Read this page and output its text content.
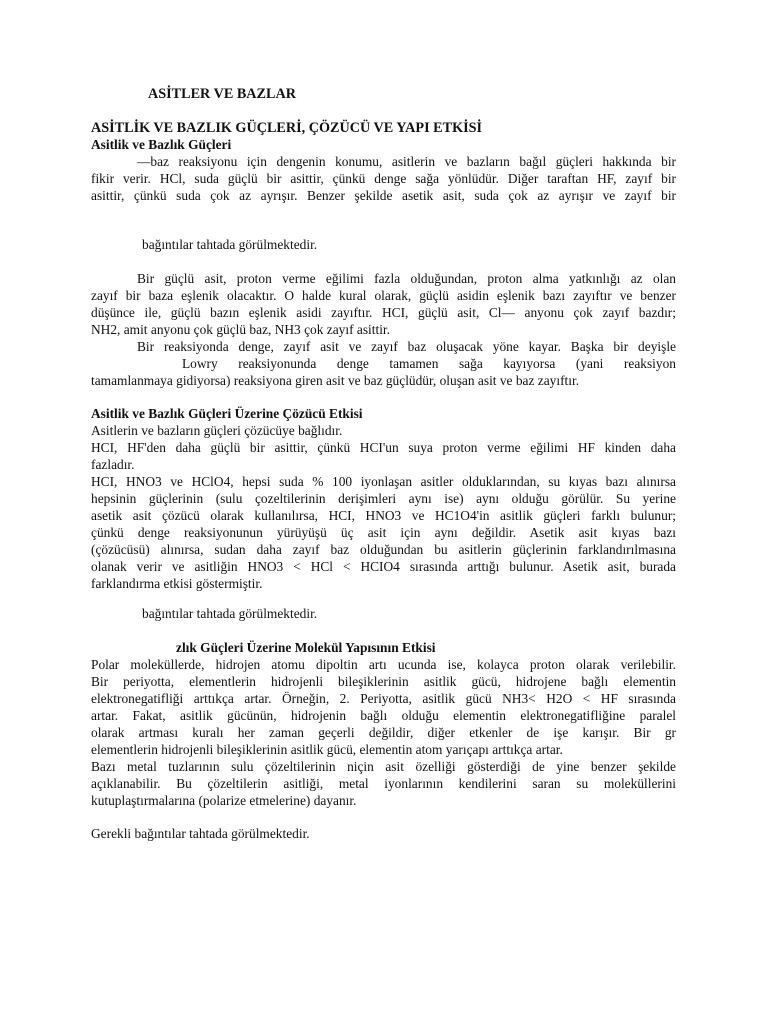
ASİTLER VE BAZLAR
ASİTLİK VE BAZLIK GÜÇLERİ, ÇÖZÜCÜ VE YAPI ETKİSİ
Asitlik ve Bazlık Güçleri
—baz reaksiyonu için dengenin konumu, asitlerin ve bazların bağıl güçleri hakkında bir
fikir verir. HCl, suda güçlü bir asittir, çünkü denge sağa yönlüdür. Diğer taraftan HF, zayıf bir
asittir, çünkü suda çok az ayrışır. Benzer şekilde asetik asit, suda çok az ayrışır ve zayıf bir
bağıntılar tahtada görülmektedir.
Bir güçlü asit, proton verme eğilimi fazla olduğundan, proton alma yatkınlığı az olan
zayıf bir baza eşlenik olacaktır. O halde kural olarak, güçlü asidin eşlenik bazı zayıftır ve benzer
düşünce ile, güçlü bazın eşlenik asidi zayıftır. HCI, güçlü asit, Cl— anyonu çok zayıf bazdır;
NH2, amit anyonu çok güçlü baz, NH3 çok zayıf asittir.
Bir reaksiyonda denge, zayıf asit ve zayıf baz oluşacak yöne kayar. Başka bir deyişle
Lowry reaksiyonunda denge tamamen sağa kayıyorsa (yani reaksiyon
tamamlanmaya gidiyorsa) reaksiyona giren asit ve baz güçlüdür, oluşan asit ve baz zayıftır.
Asitlik ve Bazlık Güçleri Üzerine Çözücü Etkisi
Asitlerin ve bazların güçleri çözücüye bağlıdır.
HCI, HF'den daha güçlü bir asittir, çünkü HCI'un suya proton verme eğilimi HF kinden daha
fazladır.
HCI, HNO3 ve HClO4, hepsi suda % 100 iyonlaşan asitler olduklarından, su kıyas bazı alınırsa
hepsinin güçlerinin (sulu çozeltilerinin derişimleri aynı ise) aynı olduğu görülür. Su yerine
asetik asit çözücü olarak kullanılırsa, HCI, HNO3 ve HC1O4'in asitlik güçleri farklı bulunur;
çünkü denge reaksiyonunun yürüyüşü üç asit için aynı değildir. Asetik asit kıyas bazı
(çözücüsü) alınırsa, sudan daha zayıf baz olduğundan bu asitlerin güçlerinin farklandırılmasına
olanak verir ve asitliğin HNO3 < HCl < HCIO4 sırasında arttığı bulunur. Asetik asit, burada
farklandırma etkisi göstermiştir.
bağıntılar tahtada görülmektedir.
zlık Güçleri Üzerine Molekül Yapısının Etkisi
Polar moleküllerde, hidrojen atomu dipoltin artı ucunda ise, kolayca proton olarak verilebilir.
Bir periyotta, elementlerin hidrojenli bileşiklerinin asitlik gücü, hidrojene bağlı elementin
elektronegatifliği arttıkça artar. Örneğin, 2. Periyotta, asitlik gücü NH3< H2O < HF sırasında
artar. Fakat, asitlik gücünün, hidrojenin bağlı olduğu elementin elektronegatifliğine paralel
olarak artması kuralı her zaman geçerli değildir, diğer etkenler de işe karışır. Bir gr
elementlerin hidrojenli bileşiklerinin asitlik gücü, elementin atom yarıçapı arttıkça artar.
Bazı metal tuzlarının sulu çözeltilerinin niçin asit özelliği gösterdiği de yine benzer şekilde
açıklanabilir. Bu çözeltilerin asitliği, metal iyonlarının kendilerini saran su moleküllerini
kutuplaştırmalarına (polarize etmelerine) dayanır.
Gerekli bağıntılar tahtada görülmektedir.
